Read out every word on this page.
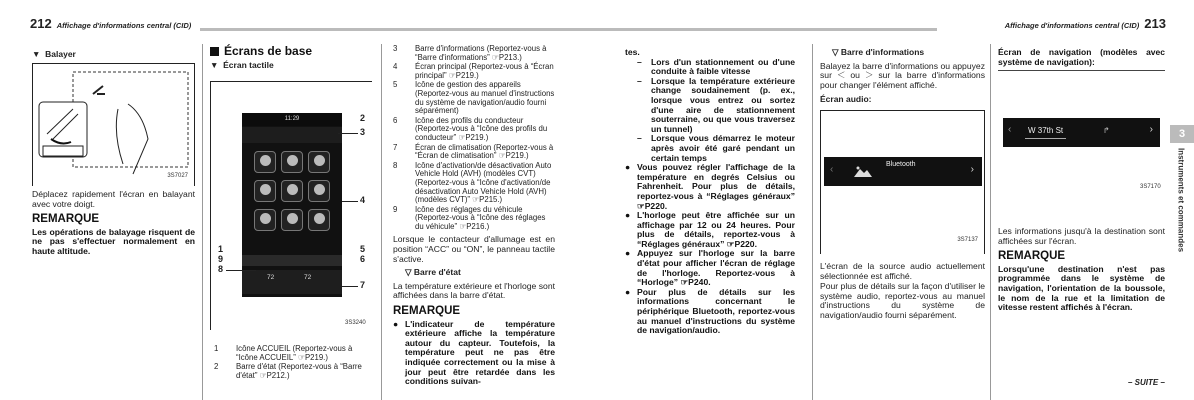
212 Affichage d'informations central (CID)	Affichage d'informations central (CID) 213
▼  Balayer
3S7027
Déplacez rapidement l'écran en balayant avec votre doigt.
REMARQUE
Les opérations de balayage risquent de ne pas s'effectuer normalement en haute altitude.
Écrans de base
▼  Écran tactile
11:29
72	72
1
9
8
2
3
4
5
6
7
3S3240
1	Icône ACCUEIL (Reportez-vous à “Icône ACCUEIL” ☞P219.)
2	Barre d'état (Reportez-vous à “Barre d'état” ☞P212.)
3	Barre d'informations (Reportez-vous à “Barre d'informations” ☞P213.)
4	Écran principal (Reportez-vous à “Écran principal” ☞P219.)
5	Icône de gestion des appareils (Reportez-vous au manuel d'instructions du système de navigation/audio fourni séparément)
6	Icône des profils du conducteur (Reportez-vous à “Icône des profils du conducteur” ☞P219.)
7	Écran de climatisation (Reportez-vous à “Écran de climatisation” ☞P219.)
8	Icône d'activation/de désactivation Auto Vehicle Hold (AVH) (modèles CVT) (Reportez-vous à “Icône d'activation/de désactivation Auto Vehicle Hold (AVH) (modèles CVT)” ☞P215.)
9	Icône des réglages du véhicule (Reportez-vous à “Icône des réglages du véhicule” ☞P216.)
Lorsque le contacteur d'allumage est en position “ACC” ou “ON”, le panneau tactile s'active.
▽ Barre d'état
La température extérieure et l'horloge sont affichées dans la barre d'état.
REMARQUE
● L'indicateur de température extérieure affiche la température autour du capteur. Toutefois, la température peut ne pas être indiquée correctement ou la mise à jour peut être retardée dans les conditions suivan-
tes.
–	Lors d'un stationnement ou d'une conduite à faible vitesse
–	Lorsque la température extérieure change soudainement (p. ex., lorsque vous entrez ou sortez d'une aire de stationnement souterraine, ou que vous traversez un tunnel)
–	Lorsque vous démarrez le moteur après avoir été garé pendant un certain temps
● Vous pouvez régler l'affichage de la température en degrés Celsius ou Fahrenheit. Pour plus de détails, reportez-vous à “Réglages généraux” ☞P220.
● L'horloge peut être affichée sur un affichage par 12 ou 24 heures. Pour plus de détails, reportez-vous à “Réglages généraux” ☞P220.
● Appuyez sur l'horloge sur la barre d'état pour afficher l'écran de réglage de l'horloge. Reportez-vous à “Horloge” ☞P240.
● Pour plus de détails sur les informations concernant le périphérique Bluetooth, reportez-vous au manuel d'instructions du système de navigation/audio.
▽ Barre d'informations
Balayez la barre d'informations ou appuyez sur ＜ ou ＞ sur la barre d'informations pour changer l'élément affiché.
Écran audio:
‹	Bluetooth	›
3S7137
L'écran de la source audio actuellement sélectionnée est affiché.
Pour plus de détails sur la façon d'utiliser le système audio, reportez-vous au manuel d'instructions du système de navigation/audio fourni séparément.
Écran de navigation (modèles avec système de navigation):
‹	W 37th St	↱	›
3S7170
Les informations jusqu'à la destination sont affichées sur l'écran.
REMARQUE
Lorsqu'une destination n'est pas programmée dans le système de navigation, l'orientation de la boussole, le nom de la rue et la limitation de vitesse restent affichés à l'écran.
3
Instruments et commandes
– SUITE –
